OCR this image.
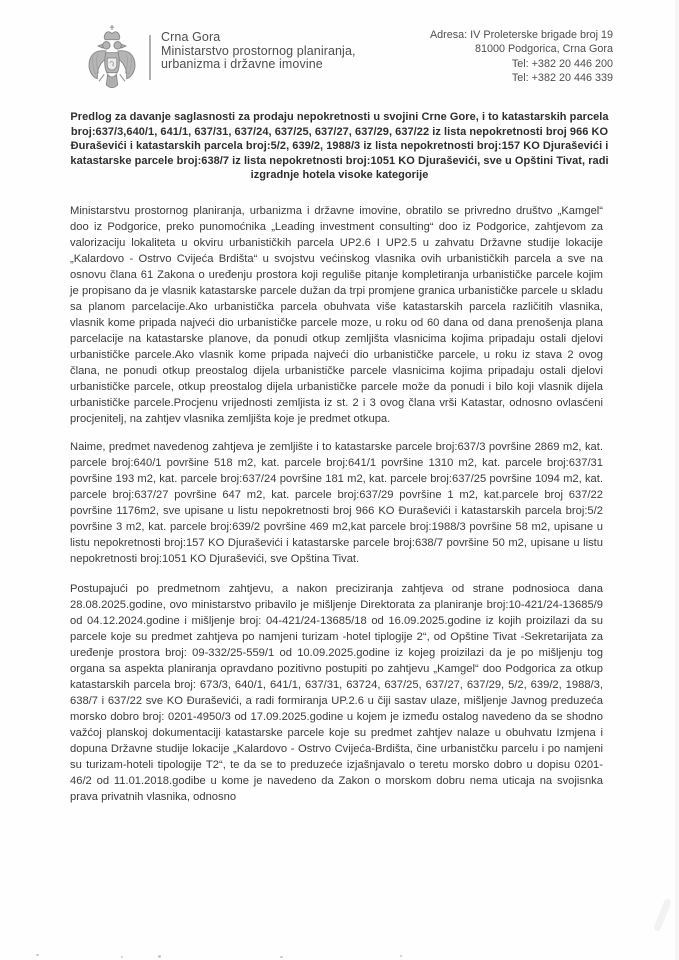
Crna Gora
Ministarstvo prostornog planiranja,
urbanizma i državne imovine
Adresa: IV Proleterske brigade broj 19
81000 Podgorica, Crna Gora
Tel: +382 20 446 200
Tel: +382 20 446 339
Predlog za davanje saglasnosti za prodaju nepokretnosti u svojini Crne Gore, i to katastarskih parcela broj:637/3,640/1, 641/1, 637/31, 637/24, 637/25, 637/27, 637/29, 637/22 iz lista nepokretnosti broj 966 KO Đuraševići i katastarskih parcela broj:5/2, 639/2, 1988/3 iz lista nepokretnosti broj:157 KO Djuraševići i katastarske parcele broj:638/7 iz lista nepokretnosti broj:1051 KO Djuraševići, sve u Opštini Tivat, radi izgradnje hotela visoke kategorije

Ministarstvu prostornog planiranja, urbanizma i državne imovine, obratilo se privredno društvo „Kamgel“ doo iz Podgorice, preko punomoćnika „Leading investment consulting“ doo iz Podgorice, zahtjevom za valorizaciju lokaliteta u okviru urbanističkih parcela UP2.6 I UP2.5 u zahvatu Državne studije lokacije „Kalardovo - Ostrvo Cvijeća Brdišta“ u svojstvu većinskog vlasnika ovih urbanističkih parcela a sve na osnovu člana 61 Zakona o uređenju prostora koji reguliše pitanje kompletiranja urbanističke parcele kojim je propisano da je vlasnik katastarske parcele dužan da trpi promjene granica urbanističke parcele u skladu sa planom parcelacije.Ako urbanistička parcela obuhvata više katastarskih parcela različitih vlasnika, vlasnik kome pripada najveći dio urbanističke parcele moze, u roku od 60 dana od dana prenošenja plana parcelacije na katastarske planove, da ponudi otkup zemljišta vlasnicima kojima pripadaju ostali djelovi urbanističke parcele.Ako vlasnik kome pripada najveći dio urbanističke parcele, u roku iz stava 2 ovog člana, ne ponudi otkup preostalog dijela urbanističke parcele vlasnicima kojima pripadaju ostali djelovi urbanističke parcele, otkup preostalog dijela urbanističke parcele može da ponudi i bilo koji vlasnik dijela urbanističke parcele.Procjenu vrijednosti zemljista iz st. 2 i 3 ovog člana vrši Katastar, odnosno ovlasćeni procjenitelj, na zahtjev vlasnika zemljišta koje je predmet otkupa.

Naime, predmet navedenog zahtjeva je zemljište i to katastarske parcele broj:637/3 površine 2869 m2, kat. parcele broj:640/1 površine 518 m2, kat. parcele broj:641/1 površine 1310 m2, kat. parcele broj:637/31 površine 193 m2, kat. parcele broj:637/24 površine 181 m2, kat. parcele broj:637/25 površine 1094 m2, kat. parcele broj:637/27 površine 647 m2, kat. parcele broj:637/29 površine 1 m2, kat.parcele broj 637/22 površine 1176m2, sve upisane u listu nepokretnosti broj 966 KO Đuraševići i katastarskih parcela broj:5/2 površine 3 m2, kat. parcele broj:639/2 površine 469 m2,kat parcele broj:1988/3 površine 58 m2, upisane u listu nepokretnosti broj:157 KO Djuraševići i katastarske parcele broj:638/7 površine 50 m2, upisane u listu nepokretnosti broj:1051 KO Djuraševići, sve Opština Tivat.

Postupajući po predmetnom zahtjevu, a nakon preciziranja zahtjeva od strane podnosioca dana 28.08.2025.godine, ovo ministarstvo pribavilo je mišljenje Direktorata za planiranje broj:10-421/24-13685/9 od 04.12.2024.godine i mišljenje broj: 04-421/24-13685/18 od 16.09.2025.godine iz kojih proizilazi da su parcele koje su predmet zahtjeva po namjeni turizam -hotel tiplogije 2“, od Opštine Tivat -Sekretarijata za uređenje prostora broj: 09-332/25-559/1 od 10.09.2025.godine iz kojeg proizilazi da je po mišljenju tog organa sa aspekta planiranja opravdano pozitivno postupiti po zahtjevu „Kamgel“ doo Podgorica za otkup katastarskih parcela broj: 673/3, 640/1, 641/1, 637/31, 63724, 637/25, 637/27, 637/29, 5/2, 639/2, 1988/3, 638/7 i 637/22 sve KO Đuraševići, a radi formiranja UP.2.6 u čiji sastav ulaze, mišljenje Javnog preduzeća morsko dobro broj: 0201-4950/3 od 17.09.2025.godine u kojem je između ostalog navedeno da se shodno važćoj planskoj dokumentaciji katastarske parcele koje su predmet zahtjev nalaze u obuhvatu Izmjena i dopuna Državne studije lokacije „Kalardovo - Ostrvo Cvijeća-Brdišta, čine urbanistčku parcelu i po namjeni su turizam-hoteli tipologije T2“, te da se to preduzeće izjašnjavalo o teretu morsko dobro u dopisu 0201-46/2 od 11.01.2018.godibe u kome je navedeno da Zakon o morskom dobru nema uticaja na svojisnka prava privatnih vlasnika, odnosno
